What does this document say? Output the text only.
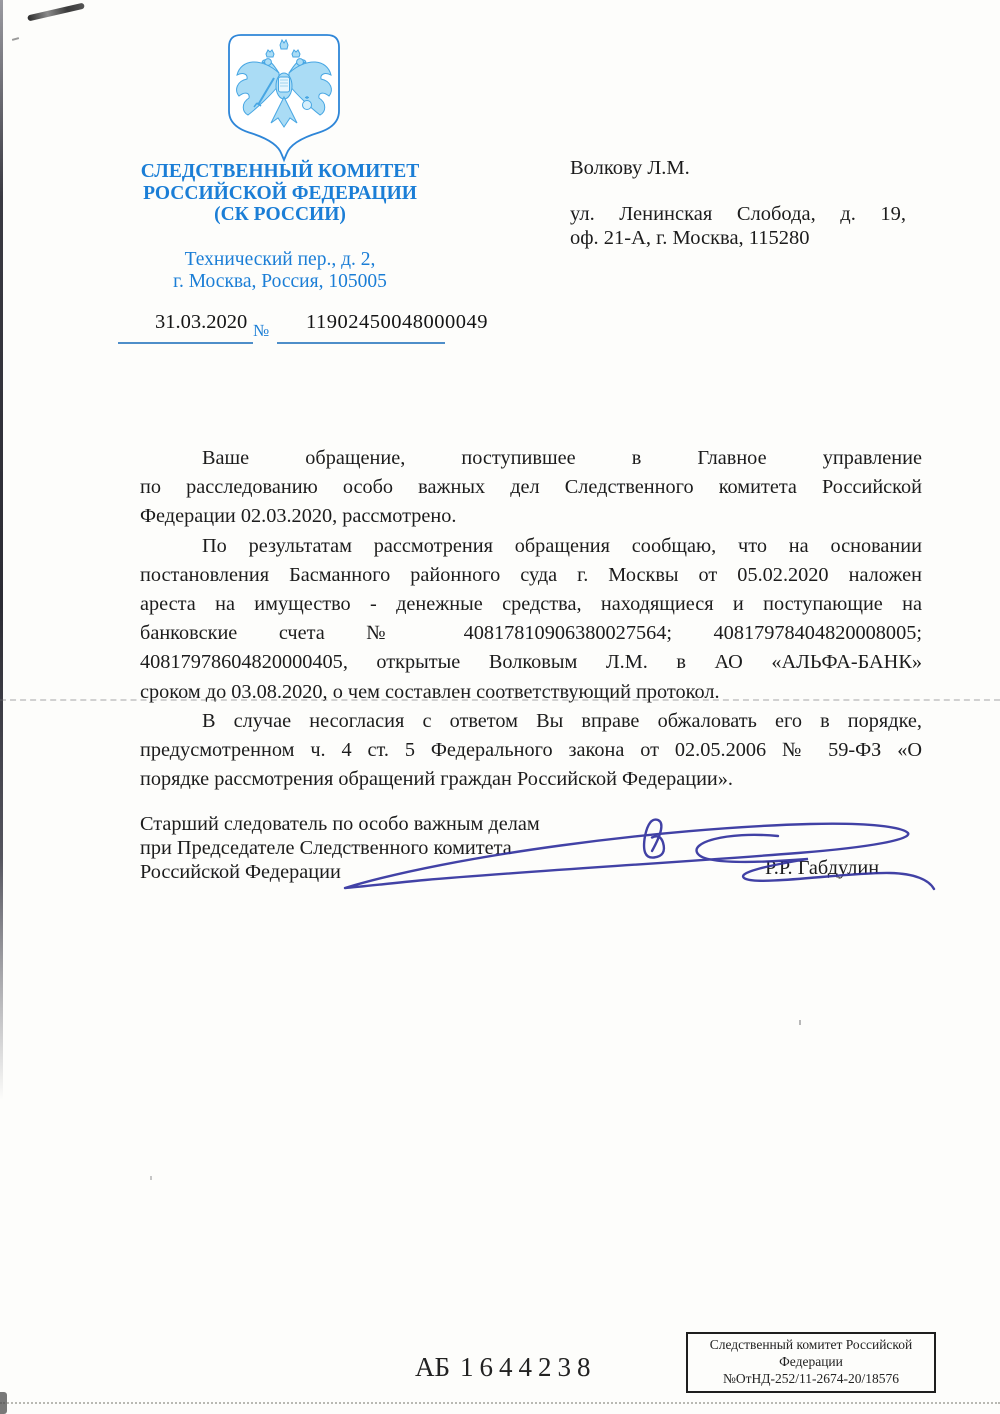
СЛЕДСТВЕННЫЙ КОМИТЕТ
РОССИЙСКОЙ ФЕДЕРАЦИИ
(СК РОССИИ)
Технический пер., д. 2,
г. Москва, Россия, 105005
31.03.2020 № 11902450048000049
Волкову Л.М.
ул. Ленинская Слобода, д. 19,
оф. 21-А, г. Москва, 115280
Ваше обращение, поступившее в Главное управление
по расследованию особо важных дел Следственного комитета Российской
Федерации 02.03.2020, рассмотрено.
По результатам рассмотрения обращения сообщаю, что на основании
постановления Басманного районного суда г. Москвы от 05.02.2020 наложен
ареста на имущество - денежные средства, находящиеся и поступающие на
банковские счета № 40817810906380027564; 40817978404820008005;
40817978604820000405, открытые Волковым Л.М. в АО «АЛЬФА-БАНК»
сроком до 03.08.2020, о чем составлен соответствующий протокол.
В случае несогласия с ответом Вы вправе обжаловать его в порядке,
предусмотренном ч. 4 ст. 5 Федерального закона от 02.05.2006 № 59-ФЗ «О
порядке рассмотрения обращений граждан Российской Федерации».
Старший следователь по особо важным делам
при Председателе Следственного комитета
Российской Федерации	Р.Р. Габдулин
АБ 1644238
Следственный комитет Российской
Федерации
№ОтНД-252/11-2674-20/18576
